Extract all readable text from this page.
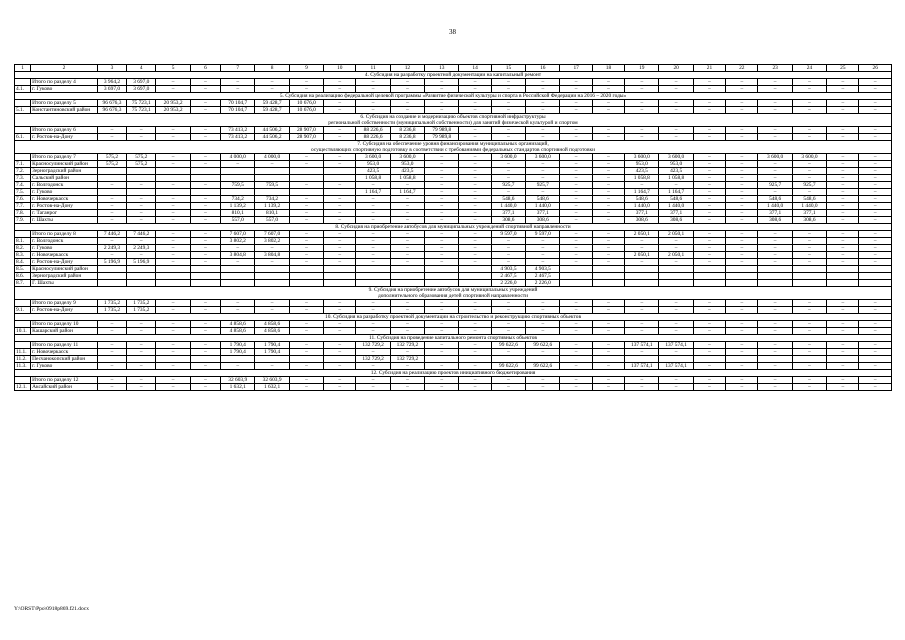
38
1	2	3	4	5	6	7	8	9	10	11	12	13	14	15	16	17	18	19	20	21	22	23	24	25	26
4. Субсидия на разработку проектной документации на капитальный ремонт																									
	Итого по разделу 4	3 964,2	3 697,0	–	–	–	–	–	–	–	–	–	–	–	–	–	–	–	–	–	–	–	–	–	–
4.1.	г. Гуково	3 697,0	3 697,0	–	–	–	–	–	–	–	–	–	–	–	–	–	–	–	–	–	–	–	–	–	–
5. Субсидия на реализацию федеральной целевой программы «Развитие физической культуры и спорта в Российской Федерации на 2016 – 2020 годы»																									
	Итого по разделу 5	96 676,3	75 723,1	20 953,2	–	70 104,7	59 428,7	10 676,0	–	–	–	–	–	–	–	–	–	–	–	–	–	–	–	–	–
5.1.	Константиновский район	96 676,3	75 723,1	20 953,2	–	70 104,7	59 428,7	10 676,0	–	–	–	–	–	–	–	–	–	–	–	–	–	–	–	–	–
6. Субсидия на создание и модернизацию объектов спортивной инфраструктуры
региональной собственности (муниципальной собственности) для занятий физической культурой и спортом																									
	Итого по разделу 6	–	–	–	–	73 413,2	44 506,2	28 907,0	–	88 226,6	8 236,8	79 989,8	–	–	–	–	–	–	–	–	–	–	–	–	–
6.1.	г. Ростов-на-Дону	–	–	–	–	73 413,2	44 506,2	28 907,0	–	88 226,6	8 236,8	79 989,8	–	–	–	–	–	–	–	–	–	–	–	–	–
7. Субсидия на обеспечение уровня финансирования муниципальных организаций,
осуществляющих спортивную подготовку в соответствии с требованиями федеральных стандартов спортивной подготовки																									
	Итого по разделу 7	575,2	575,2	–	–	4 000,0	4 000,0	–	–	3 600,0	3 600,0	–	–	3 600,0	3 600,0	–	–	3 600,0	3 600,0	–	–	3 600,0	3 600,0	–	–
7.1.	Красносулинский район	575,2	575,2	–	–	–	–	–	–	953,0	953,0	–	–	–	–	–	–	953,0	953,0	–	–	–	–	–	–
7.2.	Зерноградский район									423,5	423,5	–	–	–	–	–	–	423,5	423,5	–	–	–	–	–	–
7.3.	Сальский район									1 058,8	1 058,8	–	–	–	–	–	–	1 058,8	1 058,8	–	–	–	–	–	–
7.4.	г. Волгодонск	–	–	–	–	759,5	759,5	–	–	–	–	–	–	925,7	925,7	–	–	–	–	–	–	925,7	925,7	–	–
7.5.	г. Гуково									1 164,7	1 164,7	–	–	–	–	–	–	1 164,7	1 164,7	–	–	–	–	–	–
7.6.	г. Новочеркасск	–	–	–	–	734,2	734,2	–	–	–	–	–	–	548,6	548,6	–	–	548,6	548,6	–	–	548,6	548,6	–	–
7.7.	г. Ростов-на-Дону	–	–	–	–	1 139,2	1 139,2	–	–	–	–	–	–	1 440,0	1 440,0	–	–	1 440,0	1 440,0	–	–	1 440,0	1 440,0	–	–
7.8.	г. Таганрог	–	–	–	–	810,1	810,1	–	–	–	–	–	–	377,1	377,1	–	–	377,1	377,1	–	–	377,1	377,1	–	–
7.9.	г. Шахты	–	–	–	–	557,0	557,0	–	–	–	–	–	–	308,6	308,6	–	–	308,6	308,6	–	–	308,6	308,6	–	–
8. Субсидия на приобретение автобусов для муниципальных учреждений спортивной направленности																									
	Итого по разделу 8	7 446,2	7 446,2	–	–	7 607,0	7 607,0	–	–	–	–	–	–	9 597,0	9 597,0	–	–	2 050,1	2 050,1	–	–	–	–	–	–
8.1.	г. Волгодонск	–	–	–	–	3 802,2	3 802,2	–	–	–	–	–	–	–	–	–	–	–	–	–	–	–	–	–	–
8.2.	г. Гуково	2 249,3	2 249,3	–	–	–	–	–	–	–	–	–	–	–	–	–	–	–	–	–	–	–	–	–	–
8.3.	г. Новочеркасск	–	–	–	–	3 804,8	3 804,8	–	–	–	–	–	–	–	–	–	–	2 050,1	2 050,1	–	–	–	–	–	–
8.4.	г. Ростов-на-Дону	5 196,9	5 196,9	–	–	–	–	–	–	–	–	–	–	–	–	–	–	–	–	–	–	–	–	–	–
8.5.	Красносулинский район													4 903,5	4 903,5										
8.6.	Зерноградский район													2 467,5	2 467,5										
8.7.	Г. Шахты													2 226,0	2 226,0										
9. Субсидия на приобретение автобусов для муниципальных учреждений
дополнительного образования детей спортивной направленности																									
	Итого по разделу 9	1 735,2	1 735,2	–	–	–	–	–	–	–	–	–	–	–	–	–	–	–	–	–	–	–	–	–	–
9.1.	г. Ростов-на-Дону	1 735,2	1 735,2	–	–	–	–	–	–	–	–	–	–	–	–	–	–	–	–	–	–	–	–	–	–
10. Субсидия на разработку проектной документации на строительство и реконструкцию спортивных объектов																									
	Итого по разделу 10	–	–	–	–	4 858,6	4 858,6	–	–	–	–	–	–	–	–	–	–	–	–	–	–	–	–	–	–
10.1.	Кашарский район	–	–	–	–	4 858,6	4 858,6	–	–	–	–	–	–	–	–	–	–	–	–	–	–	–	–	–	–
11. Субсидия на проведение капитального ремонта спортивных объектов																									
	Итого по разделу 11	–	–	–	–	1 790,4	1 790,4	–	–	132 729,2	132 729,2	–	–	99 622,6	99 622,6	–	–	137 574,1	137 574,1	–	–	–	–	–	–
11.1.	г. Новочеркасск	–	–	–	–	1 790,4	1 790,4	–	–	–	–	–	–	–	–	–	–	–	–	–	–	–	–	–	–
11.2.	Песчанокопский район									132 729,2	132 729,2														
11.3.	г. Гуково	–	–	–	–	–	–	–	–	–	–	–	–	99 622,6	99 622,6	–	–	137 574,1	137 574,1	–	–	–	–	–	–
12. Субсидия на реализацию проектов инициативного бюджетирования																									
	Итого по разделу 12	–	–	–	–	32 603,9	32 603,9	–	–	–	–	–	–	–	–	–	–	–	–	–	–	–	–	–	–
12.1.	Аксайский район	–	–	–	–	1 632,1	1 632,1	–	–	–	–	–	–	–	–	–	–	–	–	–	–	–	–	–	–
Y:\ORST\Ppo\0918p869.f21.docx
